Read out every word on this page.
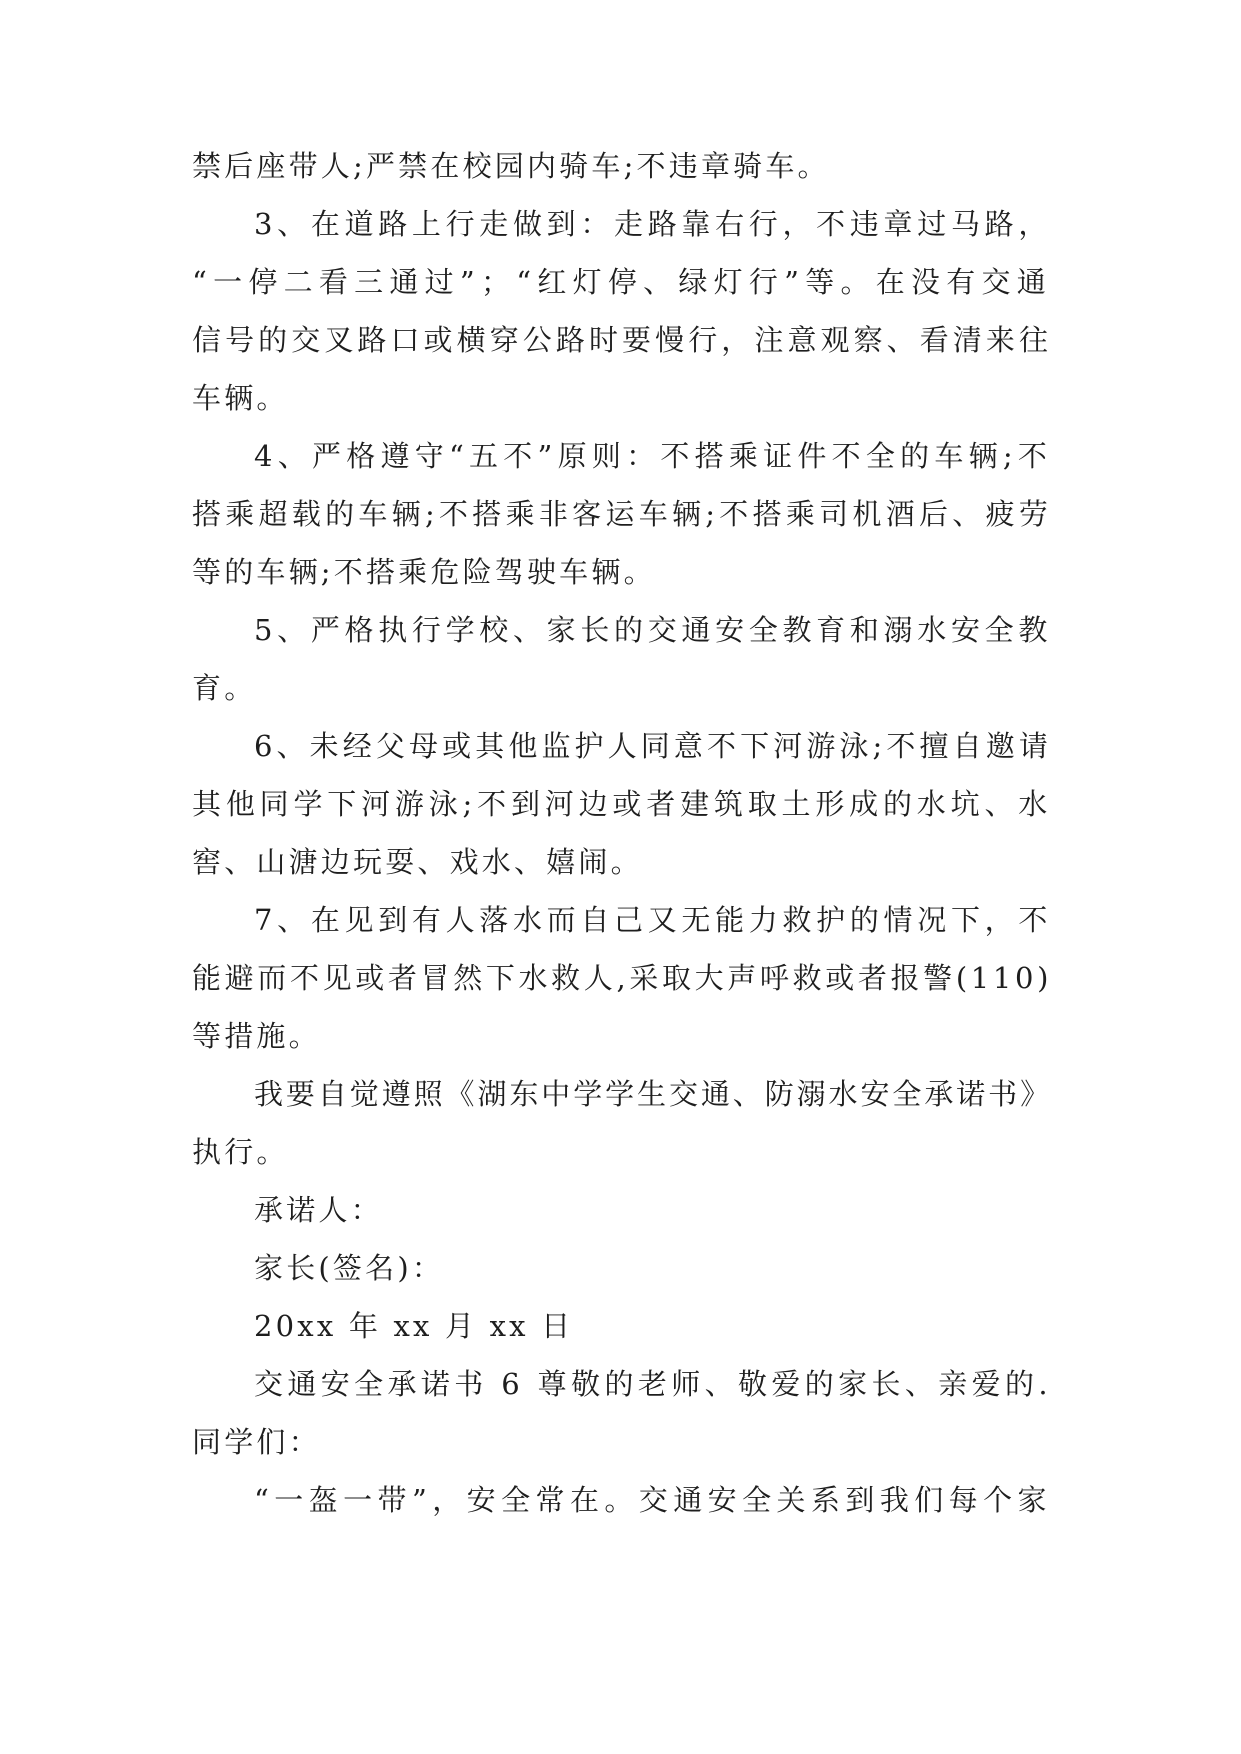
禁后座带人;严禁在校园内骑车;不违章骑车。
3、在道路上行走做到：走路靠右行，不违章过马路，
“一停二看三通过”；“红灯停、绿灯行”等。在没有交通
信号的交叉路口或横穿公路时要慢行，注意观察、看清来往
车辆。
4、严格遵守“五不”原则：不搭乘证件不全的车辆;不
搭乘超载的车辆;不搭乘非客运车辆;不搭乘司机酒后、疲劳
等的车辆;不搭乘危险驾驶车辆。
5、严格执行学校、家长的交通安全教育和溺水安全教
育。
6、未经父母或其他监护人同意不下河游泳;不擅自邀请
其他同学下河游泳;不到河边或者建筑取土形成的水坑、水
窖、山溏边玩耍、戏水、嬉闹。
7、在见到有人落水而自己又无能力救护的情况下，不
能避而不见或者冒然下水救人,采取大声呼救或者报警(110)
等措施。
我要自觉遵照《湖东中学学生交通、防溺水安全承诺书》
执行。
承诺人：
家长(签名)：
20xx 年 xx 月 xx 日
交通安全承诺书 6 尊敬的老师、敬爱的家长、亲爱的.
同学们：
“一盔一带”，安全常在。交通安全关系到我们每个家
